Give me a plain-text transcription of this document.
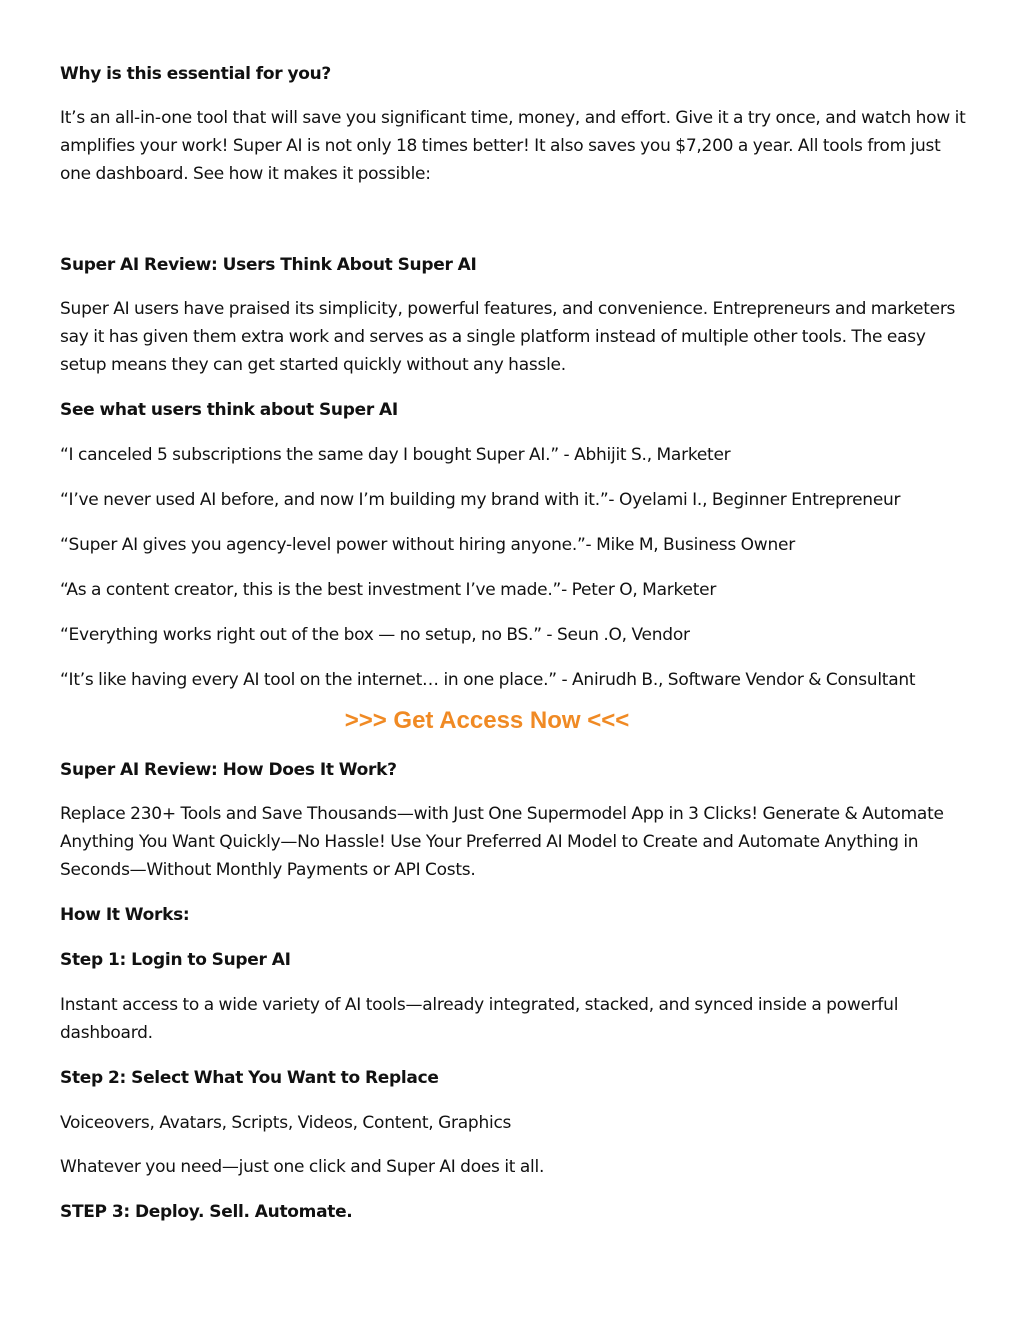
Why is this essential for you?

It’s an all-in-one tool that will save you significant time, money, and effort. Give it a try once, and watch how it amplifies your work! Super AI is not only 18 times better! It also saves you $7,200 a year. All tools from just one dashboard. See how it makes it possible:

Super AI Review: Users Think About Super AI

Super AI users have praised its simplicity, powerful features, and convenience. Entrepreneurs and marketers say it has given them extra work and serves as a single platform instead of multiple other tools. The easy setup means they can get started quickly without any hassle.

See what users think about Super AI

“I canceled 5 subscriptions the same day I bought Super AI.” - Abhijit S., Marketer

“I’ve never used AI before, and now I’m building my brand with it.”- Oyelami I., Beginner Entrepreneur

“Super AI gives you agency-level power without hiring anyone.”- Mike M, Business Owner

“As a content creator, this is the best investment I’ve made.”- Peter O, Marketer

“Everything works right out of the box — no setup, no BS.” - Seun .O, Vendor

“It’s like having every AI tool on the internet… in one place.” - Anirudh B., Software Vendor & Consultant

>>> Get Access Now <<<

Super AI Review: How Does It Work?

Replace 230+ Tools and Save Thousands—with Just One Supermodel App in 3 Clicks! Generate & Automate Anything You Want Quickly—No Hassle! Use Your Preferred AI Model to Create and Automate Anything in Seconds—Without Monthly Payments or API Costs.

How It Works:

Step 1: Login to Super AI

Instant access to a wide variety of AI tools—already integrated, stacked, and synced inside a powerful dashboard.

Step 2: Select What You Want to Replace

Voiceovers, Avatars, Scripts, Videos, Content, Graphics

Whatever you need—just one click and Super AI does it all.

STEP 3: Deploy. Sell. Automate.
